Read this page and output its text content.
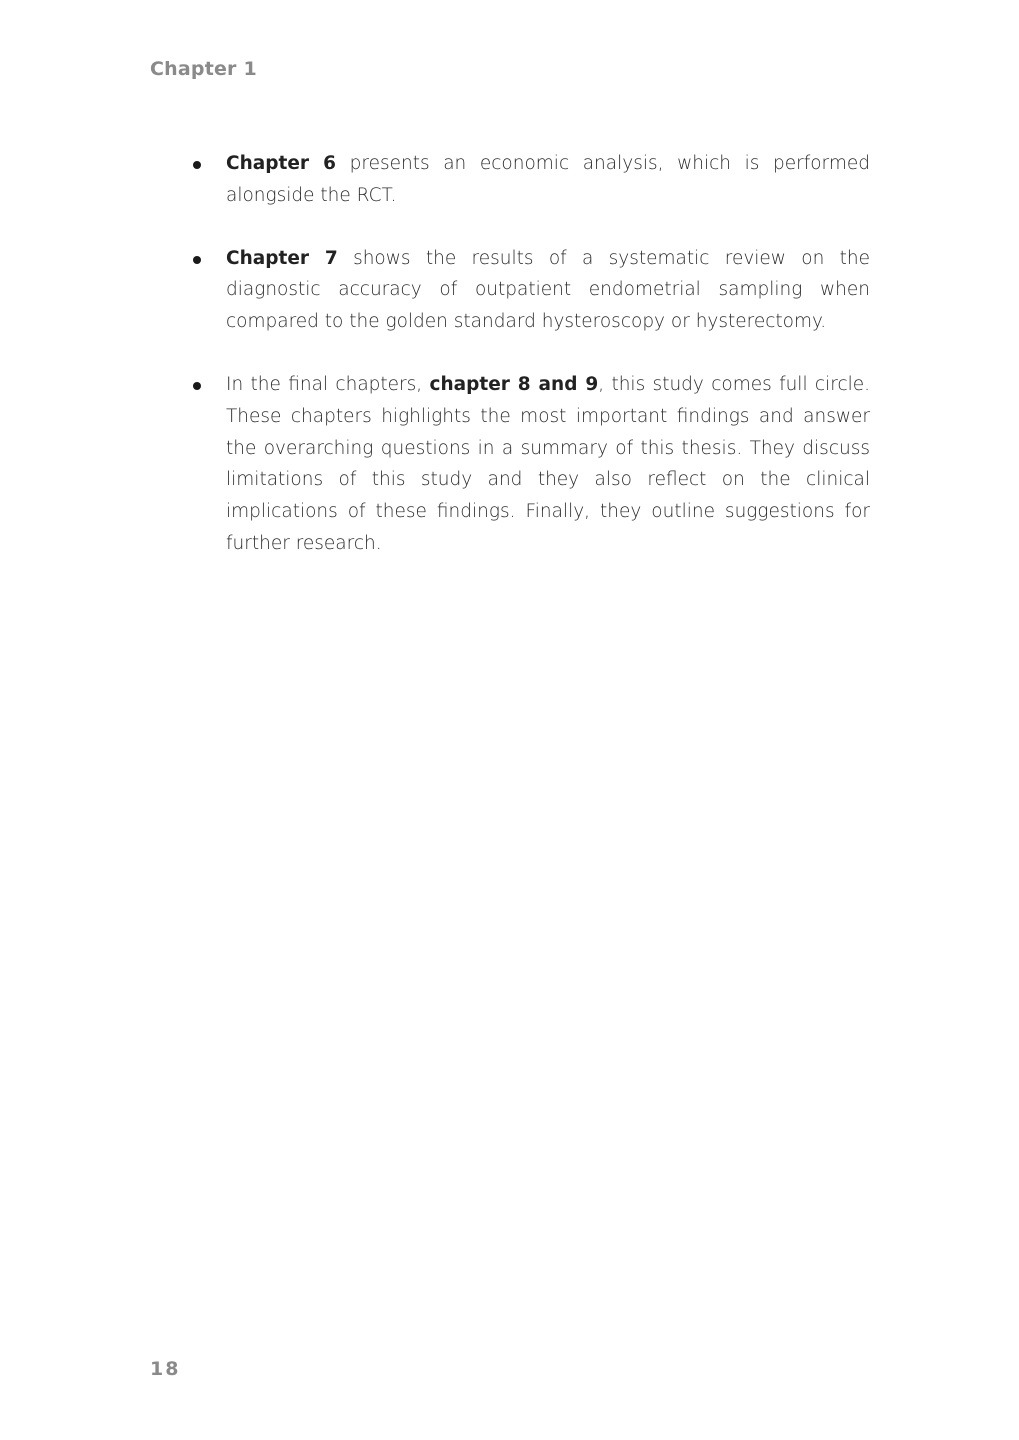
Chapter 1
Chapter 6 presents an economic analysis, which is performed alongside the RCT.
Chapter 7 shows the results of a systematic review on the diagnostic accuracy of outpatient endometrial sampling when compared to the golden standard hysteroscopy or hysterectomy.
In the final chapters, chapter 8 and 9, this study comes full circle. These chapters highlights the most important findings and answer the overarching questions in a summary of this thesis. They discuss limitations of this study and they also reflect on the clinical implications of these findings. Finally, they outline suggestions for further research.
18
